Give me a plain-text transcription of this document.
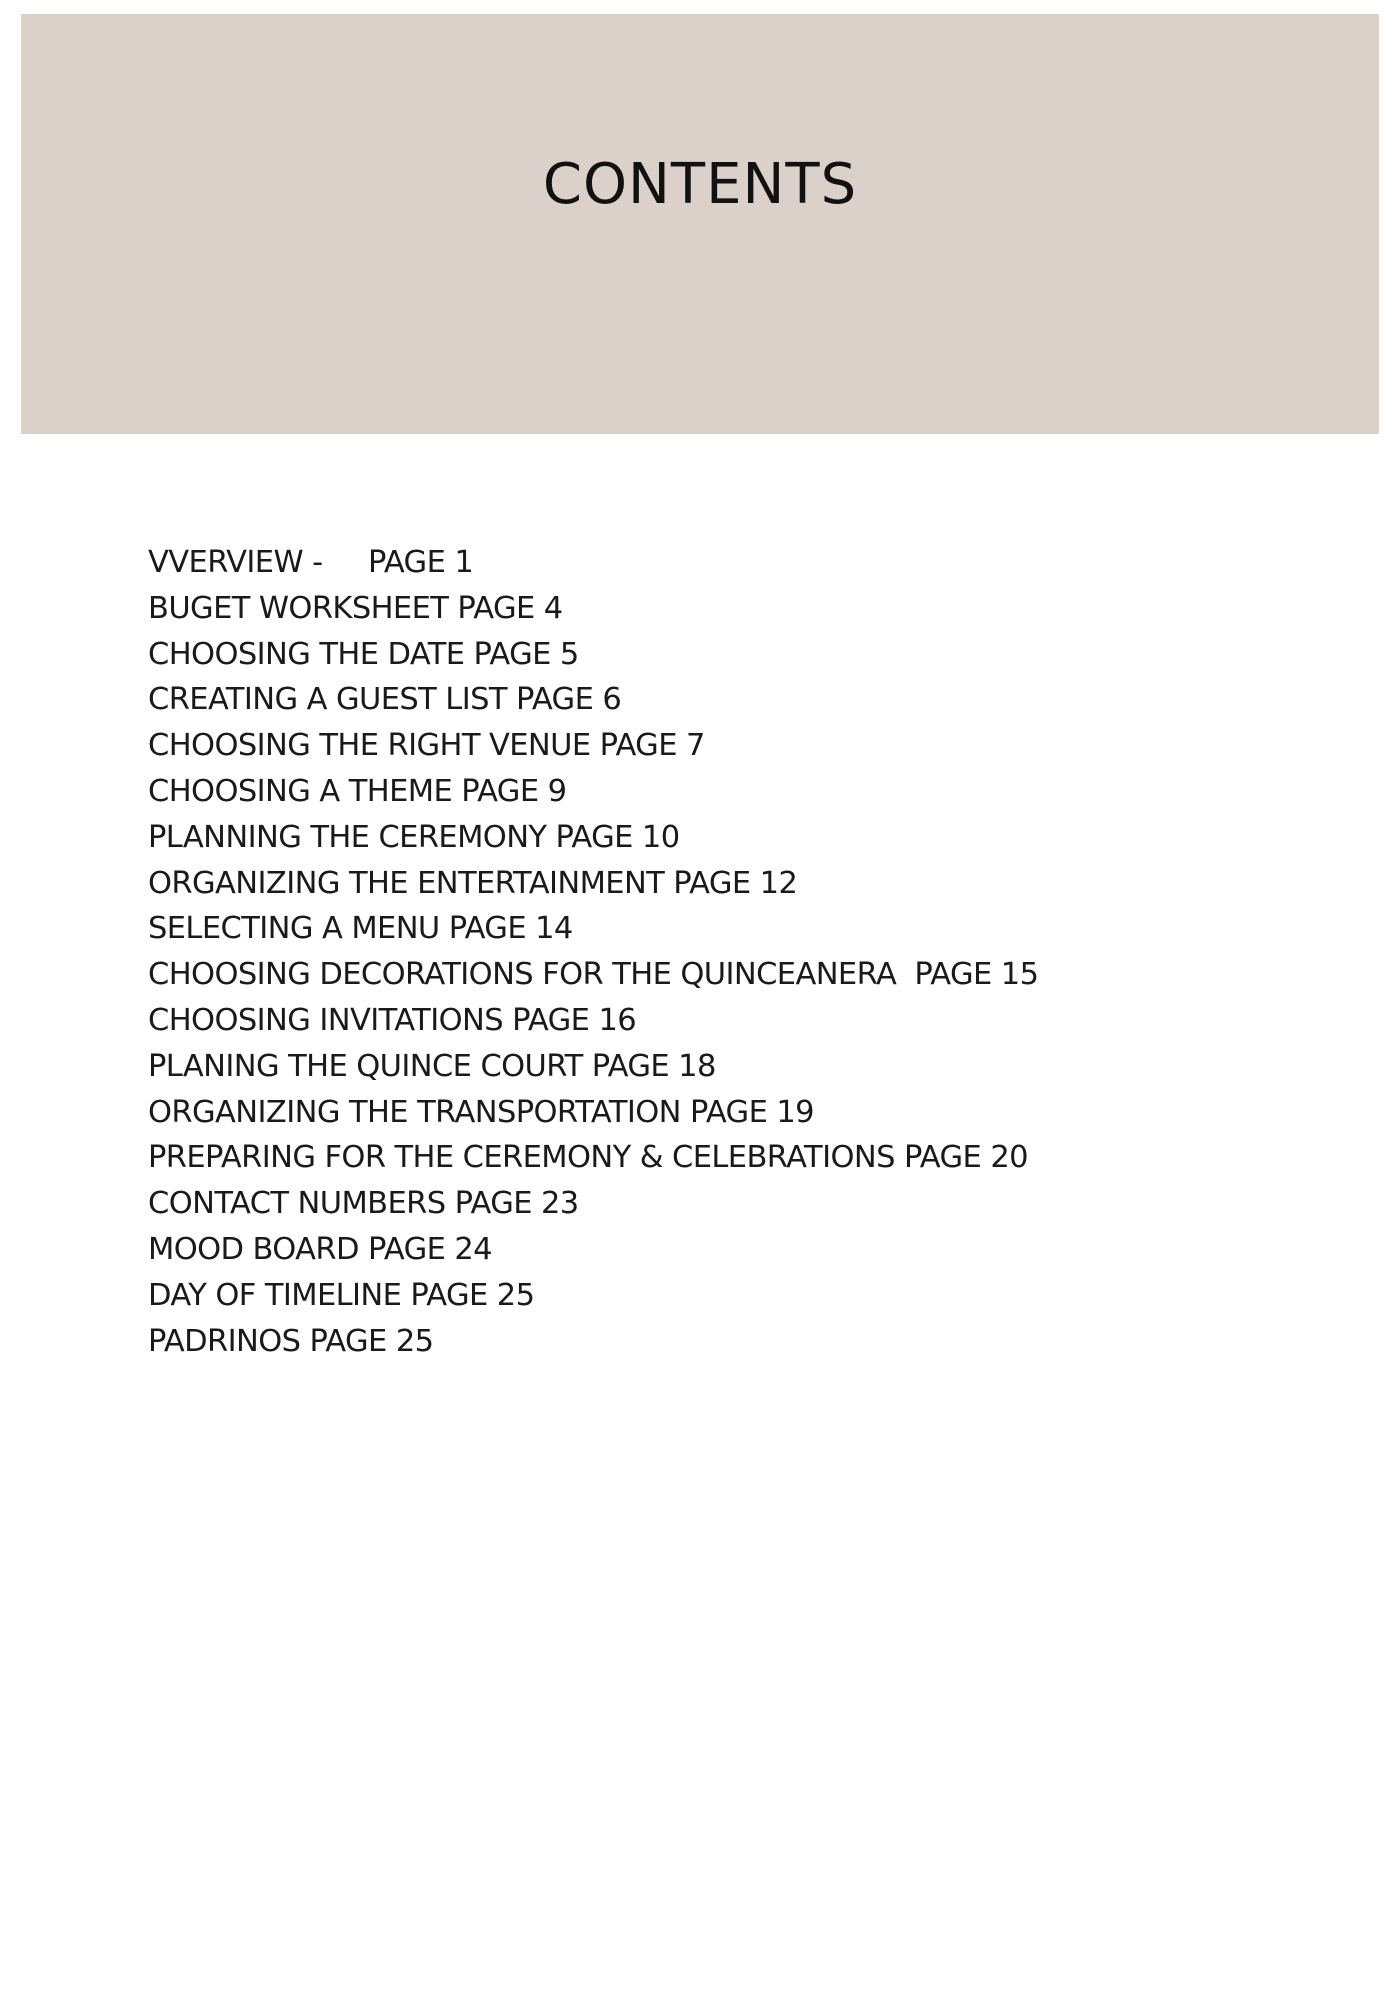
CONTENTS
VVERVIEW -     PAGE 1
BUGET WORKSHEET PAGE 4
CHOOSING THE DATE PAGE 5
CREATING A GUEST LIST PAGE 6
CHOOSING THE RIGHT VENUE PAGE 7
CHOOSING A THEME PAGE 9
PLANNING THE CEREMONY PAGE 10
ORGANIZING THE ENTERTAINMENT PAGE 12
SELECTING A MENU PAGE 14
CHOOSING DECORATIONS FOR THE QUINCEANERA  PAGE 15
CHOOSING INVITATIONS PAGE 16
PLANING THE QUINCE COURT PAGE 18
ORGANIZING THE TRANSPORTATION PAGE 19
PREPARING FOR THE CEREMONY & CELEBRATIONS PAGE 20
CONTACT NUMBERS PAGE 23
MOOD BOARD PAGE 24
DAY OF TIMELINE PAGE 25
PADRINOS PAGE 25
